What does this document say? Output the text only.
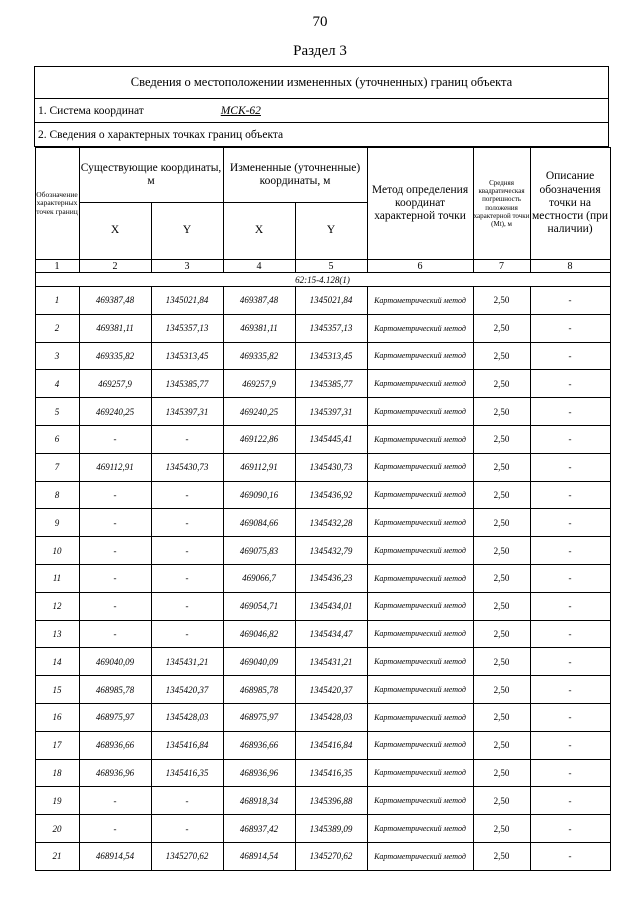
70
Раздел 3
Сведения о местоположении измененных (уточненных) границ объекта
1. Система координат	МСК-62
2. Сведения о характерных точках границ объекта

Обозначение характерных точек границ	Существующие координаты, м	Измененные (уточненные) координаты, м	Метод определения координат характерной точки	Средняя квадратическая погрешность положения характерной точки (Mt), м	Описание обозначения точки на местности (при наличии)
X	Y	X	Y
1	2	3	4	5	6	7	8
62:15-4.128(1)
1	469387,48	1345021,84	469387,48	1345021,84	Картометрический метод	2,50	-
2	469381,11	1345357,13	469381,11	1345357,13	Картометрический метод	2,50	-
3	469335,82	1345313,45	469335,82	1345313,45	Картометрический метод	2,50	-
4	469257,9	1345385,77	469257,9	1345385,77	Картометрический метод	2,50	-
5	469240,25	1345397,31	469240,25	1345397,31	Картометрический метод	2,50	-
6	-	-	469122,86	1345445,41	Картометрический метод	2,50	-
7	469112,91	1345430,73	469112,91	1345430,73	Картометрический метод	2,50	-
8	-	-	469090,16	1345436,92	Картометрический метод	2,50	-
9	-	-	469084,66	1345432,28	Картометрический метод	2,50	-
10	-	-	469075,83	1345432,79	Картометрический метод	2,50	-
11	-	-	469066,7	1345436,23	Картометрический метод	2,50	-
12	-	-	469054,71	1345434,01	Картометрический метод	2,50	-
13	-	-	469046,82	1345434,47	Картометрический метод	2,50	-
14	469040,09	1345431,21	469040,09	1345431,21	Картометрический метод	2,50	-
15	468985,78	1345420,37	468985,78	1345420,37	Картометрический метод	2,50	-
16	468975,97	1345428,03	468975,97	1345428,03	Картометрический метод	2,50	-
17	468936,66	1345416,84	468936,66	1345416,84	Картометрический метод	2,50	-
18	468936,96	1345416,35	468936,96	1345416,35	Картометрический метод	2,50	-
19	-	-	468918,34	1345396,88	Картометрический метод	2,50	-
20	-	-	468937,42	1345389,09	Картометрический метод	2,50	-
21	468914,54	1345270,62	468914,54	1345270,62	Картометрический метод	2,50	-
